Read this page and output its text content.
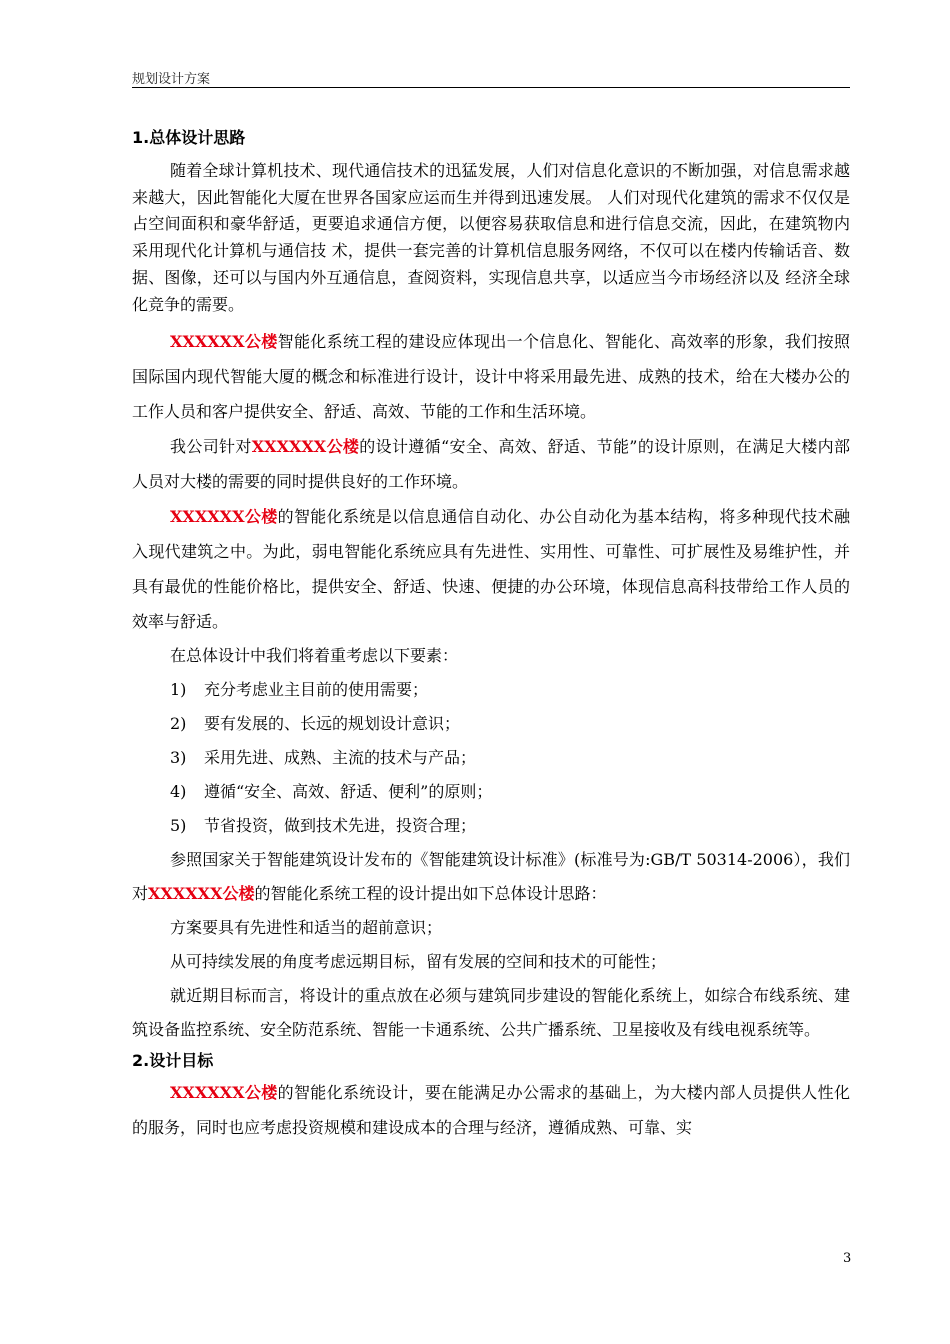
规划设计方案

1.总体设计思路

随着全球计算机技术、现代通信技术的迅猛发展，人们对信息化意识的不断加强，对信息需求越来越大，因此智能化大厦在世界各国家应运而生并得到迅速发展。 人们对现代化建筑的需求不仅仅是占空间面积和豪华舒适，更要追求通信方便，以便容易获取信息和进行信息交流，因此，在建筑物内采用现代化计算机与通信技 术，提供一套完善的计算机信息服务网络，不仅可以在楼内传输话音、数据、图像，还可以与国内外互通信息，查阅资料，实现信息共享，以适应当今市场经济以及 经济全球化竞争的需要。

XXXXXX公楼智能化系统工程的建设应体现出一个信息化、智能化、高效率的形象，我们按照国际国内现代智能大厦的概念和标准进行设计，设计中将采用最先进、成熟的技术，给在大楼办公的工作人员和客户提供安全、舒适、高效、节能的工作和生活环境。

我公司针对XXXXXX公楼的设计遵循“安全、高效、舒适、节能”的设计原则，在满足大楼内部人员对大楼的需要的同时提供良好的工作环境。

XXXXXX公楼的智能化系统是以信息通信自动化、办公自动化为基本结构，将多种现代技术融入现代建筑之中。为此，弱电智能化系统应具有先进性、实用性、可靠性、可扩展性及易维护性，并具有最优的性能价格比，提供安全、舒适、快速、便捷的办公环境，体现信息高科技带给工作人员的效率与舒适。

在总体设计中我们将着重考虑以下要素：

1) 充分考虑业主目前的使用需要；

2) 要有发展的、长远的规划设计意识；

3) 采用先进、成熟、主流的技术与产品；

4) 遵循“安全、高效、舒适、便利”的原则；

5) 节省投资，做到技术先进，投资合理；

参照国家关于智能建筑设计发布的《智能建筑设计标准》(标准号为:GB/T 50314-2006），我们对XXXXXX公楼的智能化系统工程的设计提出如下总体设计思路：

方案要具有先进性和适当的超前意识；

从可持续发展的角度考虑远期目标，留有发展的空间和技术的可能性；

就近期目标而言，将设计的重点放在必须与建筑同步建设的智能化系统上，如综合布线系统、建筑设备监控系统、安全防范系统、智能一卡通系统、公共广播系统、卫星接收及有线电视系统等。

2.设计目标

XXXXXX公楼的智能化系统设计，要在能满足办公需求的基础上，为大楼内部人员提供人性化的服务，同时也应考虑投资规模和建设成本的合理与经济，遵循成熟、可靠、实

3
